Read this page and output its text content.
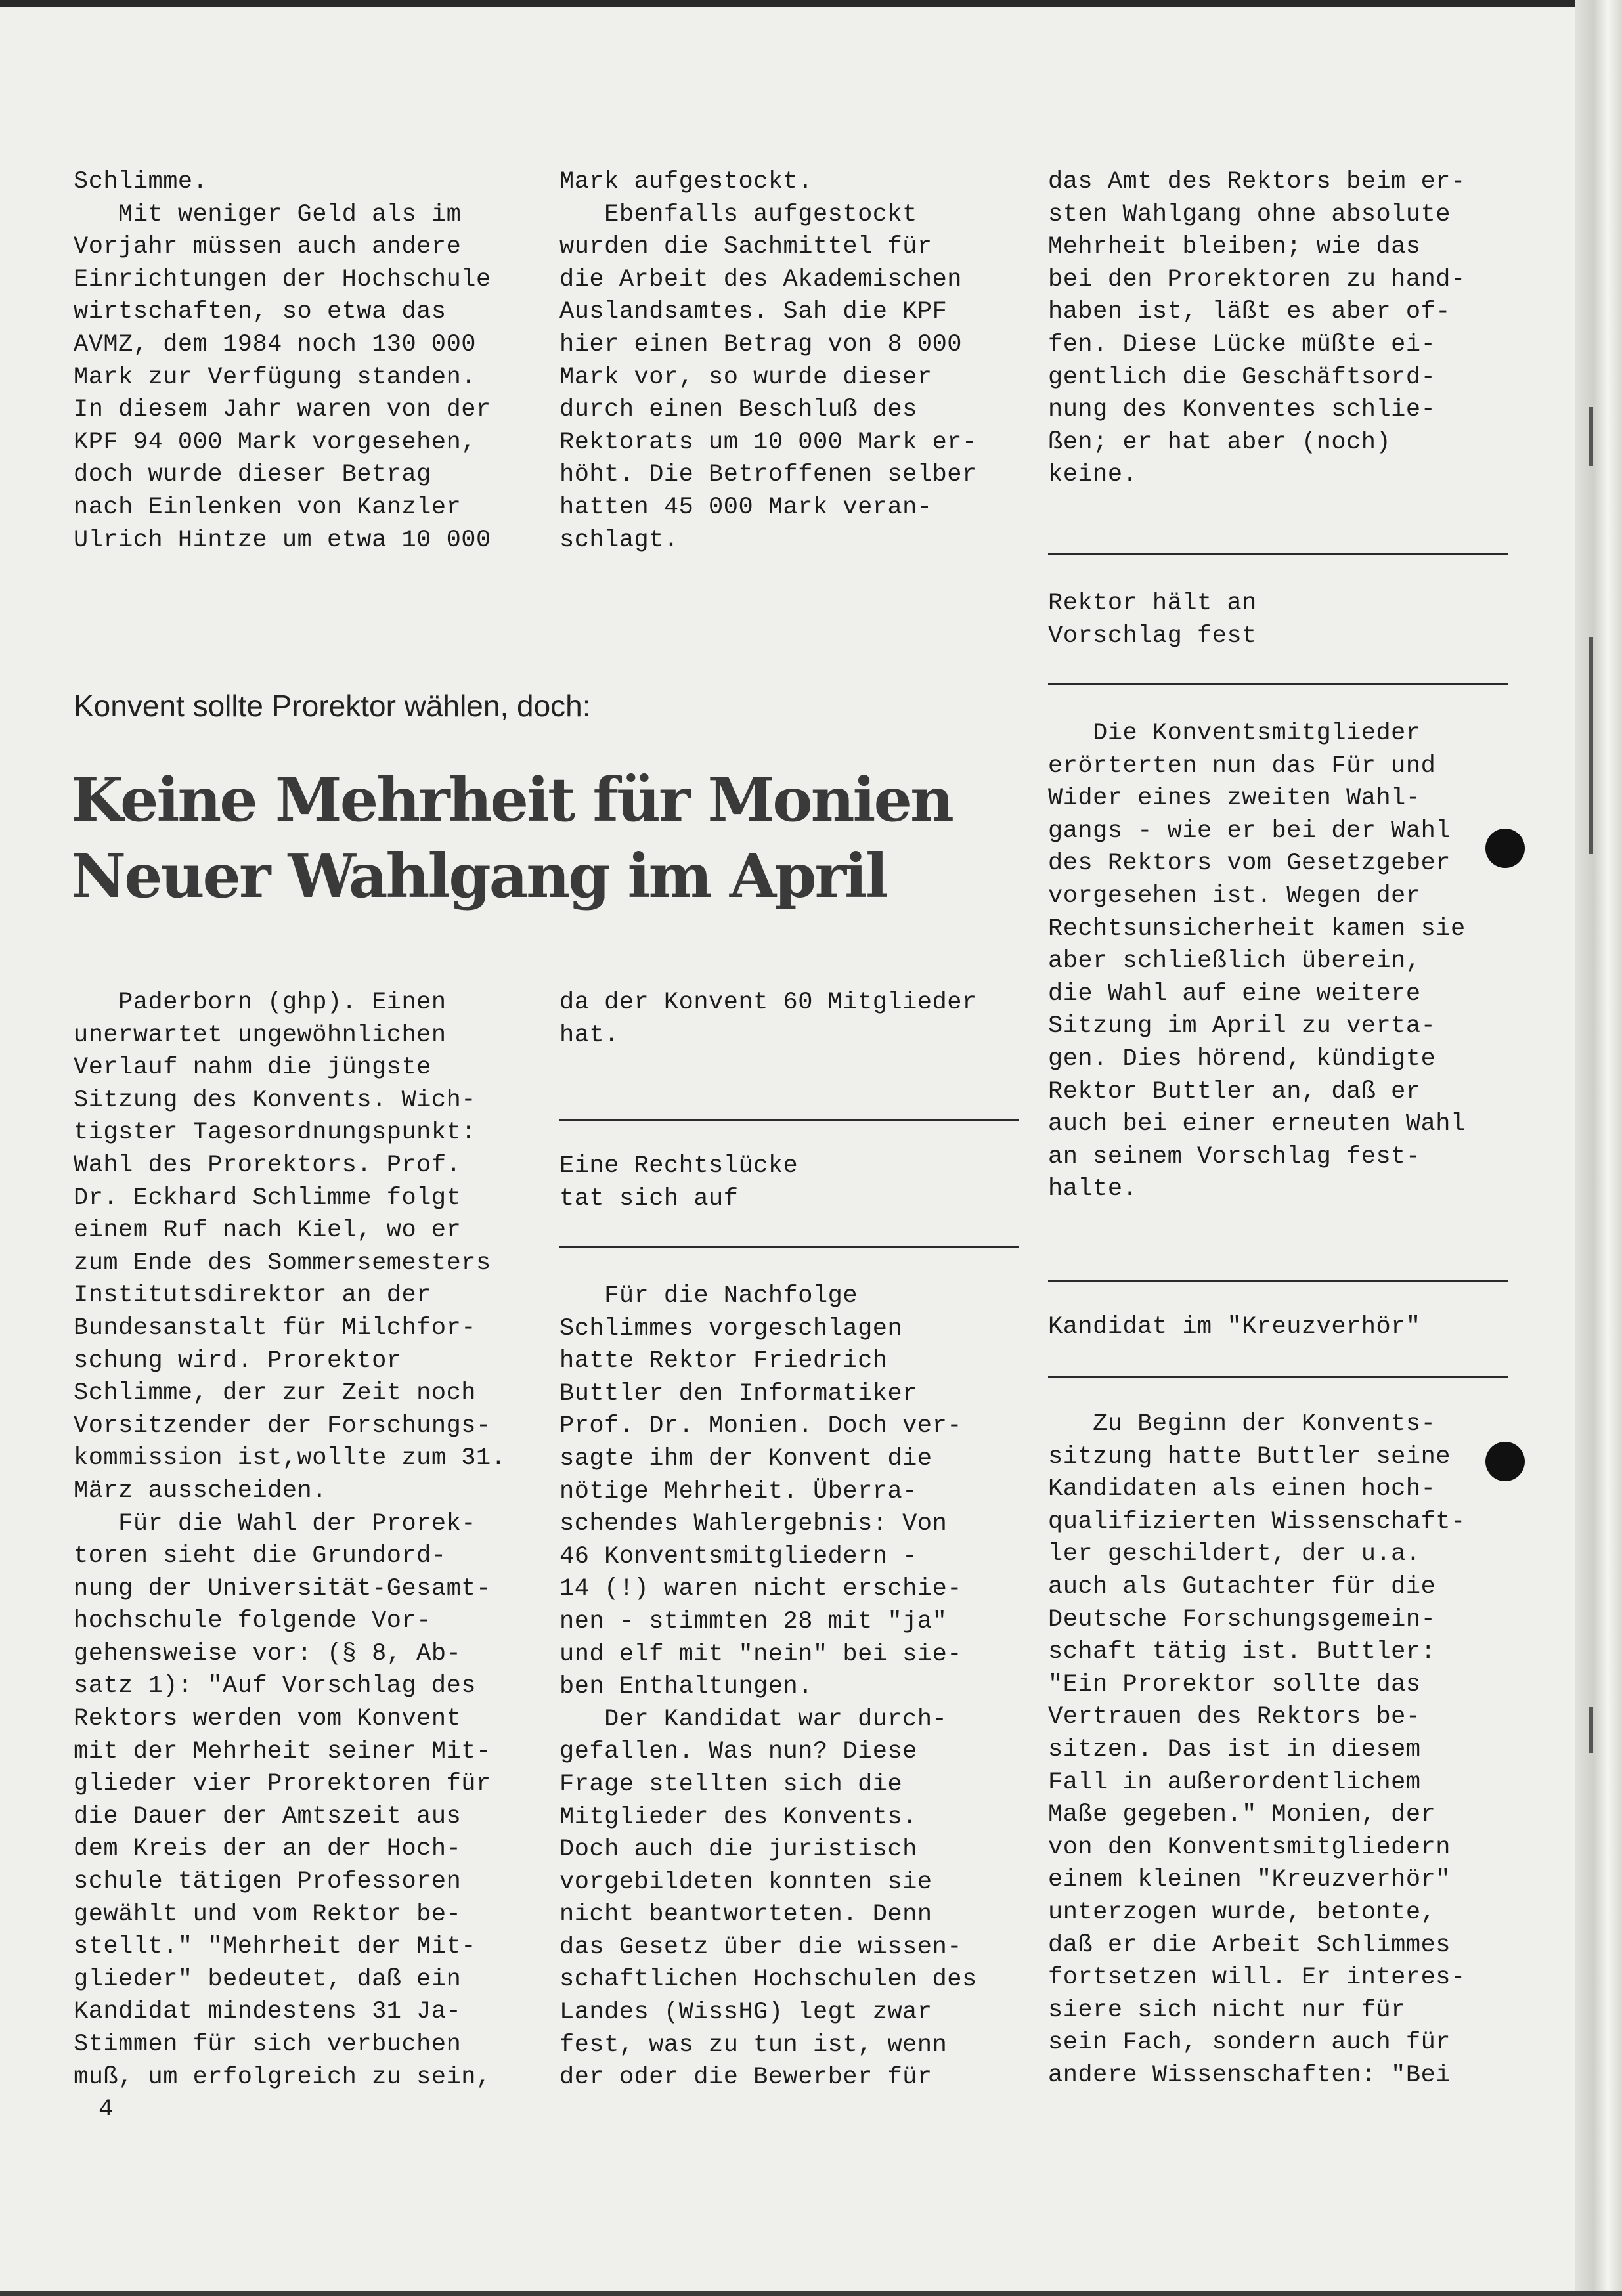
Schlimme.
Mit weniger Geld als im
Vorjahr müssen auch andere
Einrichtungen der Hochschule
wirtschaften, so etwa das
AVMZ, dem 1984 noch 130 000
Mark zur Verfügung standen.
In diesem Jahr waren von der
KPF 94 000 Mark vorgesehen,
doch wurde dieser Betrag
nach Einlenken von Kanzler
Ulrich Hintze um etwa 10 000
Mark aufgestockt.
Ebenfalls aufgestockt
wurden die Sachmittel für
die Arbeit des Akademischen
Auslandsamtes. Sah die KPF
hier einen Betrag von 8 000
Mark vor, so wurde dieser
durch einen Beschluß des
Rektorats um 10 000 Mark er-
höht. Die Betroffenen selber
hatten 45 000 Mark veran-
schlagt.
das Amt des Rektors beim er-
sten Wahlgang ohne absolute
Mehrheit bleiben; wie das
bei den Prorektoren zu hand-
haben ist, läßt es aber of-
fen. Diese Lücke müßte ei-
gentlich die Geschäftsord-
nung des Konventes schlie-
ßen; er hat aber (noch)
keine.
Rektor hält an
Vorschlag fest
Die Konventsmitglieder
erörterten nun das Für und
Wider eines zweiten Wahl-
gangs - wie er bei der Wahl
des Rektors vom Gesetzgeber
vorgesehen ist. Wegen der
Rechtsunsicherheit kamen sie
aber schließlich überein,
die Wahl auf eine weitere
Sitzung im April zu verta-
gen. Dies hörend, kündigte
Rektor Buttler an, daß er
auch bei einer erneuten Wahl
an seinem Vorschlag fest-
halte.
Kandidat im "Kreuzverhör"
Zu Beginn der Konvents-
sitzung hatte Buttler seine
Kandidaten als einen hoch-
qualifizierten Wissenschaft-
ler geschildert, der u.a.
auch als Gutachter für die
Deutsche Forschungsgemein-
schaft tätig ist. Buttler:
"Ein Prorektor sollte das
Vertrauen des Rektors be-
sitzen. Das ist in diesem
Fall in außerordentlichem
Maße gegeben." Monien, der
von den Konventsmitgliedern
einem kleinen "Kreuzverhör"
unterzogen wurde, betonte,
daß er die Arbeit Schlimmes
fortsetzen will. Er interes-
siere sich nicht nur für
sein Fach, sondern auch für
andere Wissenschaften: "Bei
Konvent sollte Prorektor wählen, doch:
Keine Mehrheit für Monien
Neuer Wahlgang im April
Paderborn (ghp). Einen
unerwartet ungewöhnlichen
Verlauf nahm die jüngste
Sitzung des Konvents. Wich-
tigster Tagesordnungspunkt:
Wahl des Prorektors. Prof.
Dr. Eckhard Schlimme folgt
einem Ruf nach Kiel, wo er
zum Ende des Sommersemesters
Institutsdirektor an der
Bundesanstalt für Milchfor-
schung wird. Prorektor
Schlimme, der zur Zeit noch
Vorsitzender der Forschungs-
kommission ist,wollte zum 31.
März ausscheiden.
Für die Wahl der Prorek-
toren sieht die Grundord-
nung der Universität-Gesamt-
hochschule folgende Vor-
gehensweise vor: (§ 8, Ab-
satz 1): "Auf Vorschlag des
Rektors werden vom Konvent
mit der Mehrheit seiner Mit-
glieder vier Prorektoren für
die Dauer der Amtszeit aus
dem Kreis der an der Hoch-
schule tätigen Professoren
gewählt und vom Rektor be-
stellt." "Mehrheit der Mit-
glieder" bedeutet, daß ein
Kandidat mindestens 31 Ja-
Stimmen für sich verbuchen
muß, um erfolgreich zu sein,
da der Konvent 60 Mitglieder
hat.
Eine Rechtslücke
tat sich auf
Für die Nachfolge
Schlimmes vorgeschlagen
hatte Rektor Friedrich
Buttler den Informatiker
Prof. Dr. Monien. Doch ver-
sagte ihm der Konvent die
nötige Mehrheit. Überra-
schendes Wahlergebnis: Von
46 Konventsmitgliedern -
14 (!) waren nicht erschie-
nen - stimmten 28 mit "ja"
und elf mit "nein" bei sie-
ben Enthaltungen.
Der Kandidat war durch-
gefallen. Was nun? Diese
Frage stellten sich die
Mitglieder des Konvents.
Doch auch die juristisch
vorgebildeten konnten sie
nicht beantworteten. Denn
das Gesetz über die wissen-
schaftlichen Hochschulen des
Landes (WissHG) legt zwar
fest, was zu tun ist, wenn
der oder die Bewerber für
4
